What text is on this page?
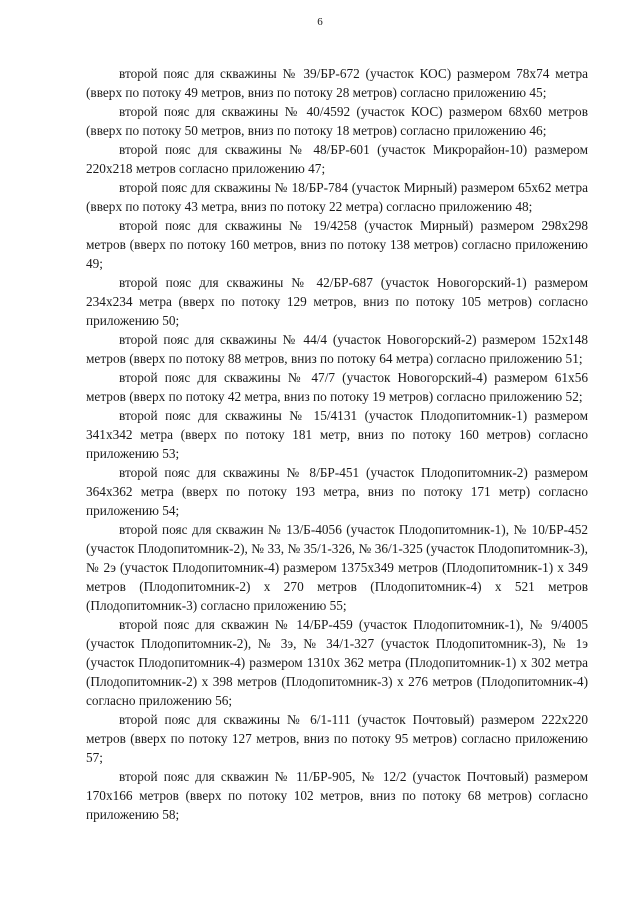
6

второй пояс для скважины № 39/БР-672 (участок КОС) размером 78х74 метра (вверх по потоку 49 метров, вниз по потоку 28 метров) согласно приложению 45;

второй пояс для скважины № 40/4592 (участок КОС) размером 68х60 метров (вверх по потоку 50 метров, вниз по потоку 18 метров) согласно приложению 46;

второй пояс для скважины № 48/БР-601 (участок Микрорайон-10) размером 220х218 метров согласно приложению 47;

второй пояс для скважины № 18/БР-784 (участок Мирный) размером 65х62 метра (вверх по потоку 43 метра, вниз по потоку 22 метра) согласно приложению 48;

второй пояс для скважины № 19/4258 (участок Мирный) размером 298х298 метров (вверх по потоку 160 метров, вниз по потоку 138 метров) согласно приложению 49;

второй пояс для скважины № 42/БР-687 (участок Новогорский-1) размером 234х234 метра (вверх по потоку 129 метров, вниз по потоку 105 метров) согласно приложению 50;

второй пояс для скважины № 44/4 (участок Новогорский-2) размером 152х148 метров (вверх по потоку 88 метров, вниз по потоку 64 метра) согласно приложению 51;

второй пояс для скважины № 47/7 (участок Новогорский-4) размером 61х56 метров (вверх по потоку 42 метра, вниз по потоку 19 метров) согласно приложению 52;

второй пояс для скважины № 15/4131 (участок Плодопитомник-1) размером 341х342 метра (вверх по потоку 181 метр, вниз по потоку 160 метров) согласно приложению 53;

второй пояс для скважины № 8/БР-451 (участок Плодопитомник-2) размером 364х362 метра (вверх по потоку 193 метра, вниз по потоку 171 метр) согласно приложению 54;

второй пояс для скважин № 13/Б-4056 (участок Плодопитомник-1), № 10/БР-452 (участок Плодопитомник-2), № 33, № 35/1-326, № 36/1-325 (участок Плодопитомник-3), № 2э (участок Плодопитомник-4) размером 1375х349 метров (Плодопитомник-1) х 349 метров (Плодопитомник-2) х 270 метров (Плодопитомник-4) х 521 метров (Плодопитомник-3) согласно приложению 55;

второй пояс для скважин № 14/БР-459 (участок Плодопитомник-1), № 9/4005 (участок Плодопитомник-2), № 3э, № 34/1-327 (участок Плодопитомник-3), № 1э (участок Плодопитомник-4) размером 1310х 362 метра (Плодопитомник-1) х 302 метра (Плодопитомник-2) х 398 метров (Плодопитомник-3) х 276 метров (Плодопитомник-4) согласно приложению 56;

второй пояс для скважины № 6/1-111 (участок Почтовый) размером 222х220 метров (вверх по потоку 127 метров, вниз по потоку 95 метров) согласно приложению 57;

второй пояс для скважин № 11/БР-905, № 12/2 (участок Почтовый) размером 170х166 метров (вверх по потоку 102 метров, вниз по потоку 68 метров) согласно приложению 58;
